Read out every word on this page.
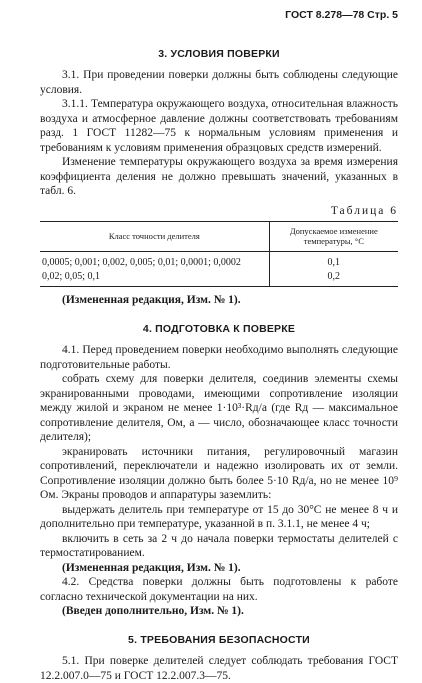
ГОСТ 8.278—78 Стр. 5
3. УСЛОВИЯ ПОВЕРКИ

3.1. При проведении поверки должны быть соблюдены следующие условия.

3.1.1. Температура окружающего воздуха, относительная влажность воздуха и атмосферное давление должны соответствовать требованиям разд. 1 ГОСТ 11282—75 к нормальным условиям применения и требованиям к условиям применения образцовых средств измерений.

Изменение температуры окружающего воздуха за время измерения коэффициента деления не должно превышать значений, указанных в табл. 6.

Таблица 6
Класс точности делителя	Допускаемое изменение температуры, °С
0,0005; 0,001; 0,002, 0,005; 0,01; 0,0001; 0,0002	0,1
0,02; 0,05; 0,1	0,2

(Измененная редакция, Изм. № 1).

4. ПОДГОТОВКА К ПОВЕРКЕ

4.1. Перед проведением поверки необходимо выполнять следующие подготовительные работы.

собрать схему для поверки делителя, соединив элементы схемы экранированными проводами, имеющими сопротивление изоляции между жилой и экраном не менее 1·10³·Rд/a (где Rд — максимальное сопротивление делителя, Ом, a — число, обозначающее класс точности делителя);

экранировать источники питания, регулировочный магазин сопротивлений, переключатели и надежно изолировать их от земли. Сопротивление изоляции должно быть более 5·10 Rд/a, но не менее 10⁹ Ом. Экраны проводов и аппаратуры заземлить:

выдержать делитель при температуре от 15 до 30°С не менее 8 ч и дополнительно при температуре, указанной в п. 3.1.1, не менее 4 ч;

включить в сеть за 2 ч до начала поверки термостаты делителей с термостатированием.

(Измененная редакция, Изм. № 1).

4.2. Средства поверки должны быть подготовлены к работе согласно технической документации на них.

(Введен дополнительно, Изм. № 1).

5. ТРЕБОВАНИЯ БЕЗОПАСНОСТИ

5.1. При поверке делителей следует соблюдать требования ГОСТ 12.2.007.0—75 и ГОСТ 12.2.007.3—75.
